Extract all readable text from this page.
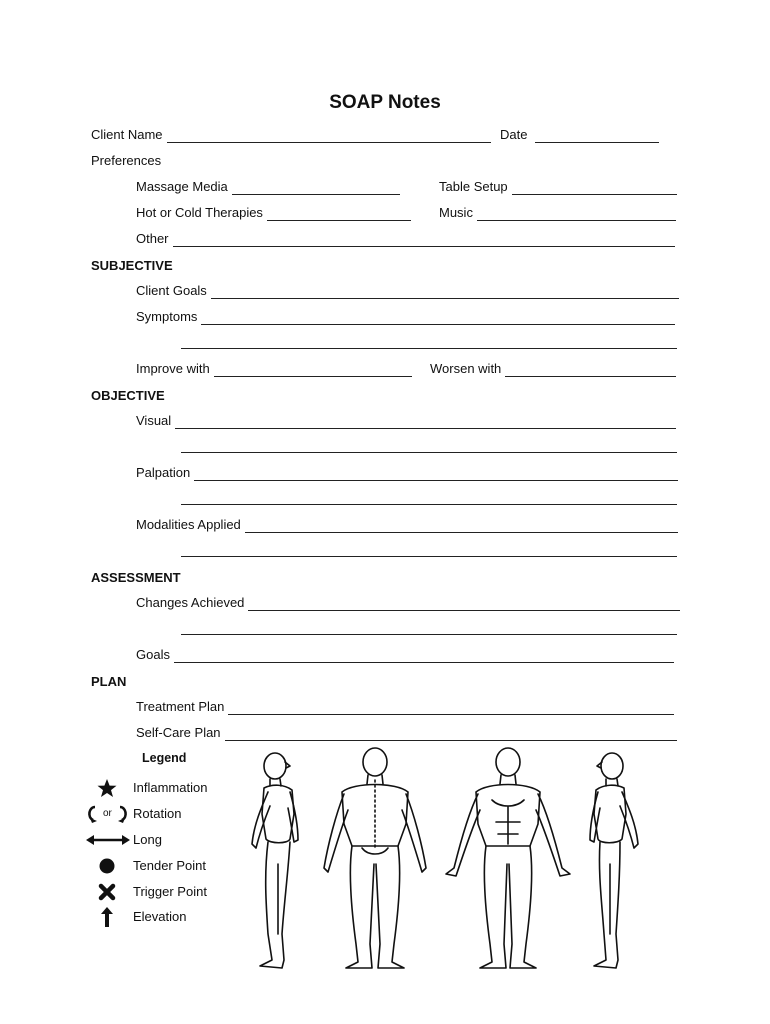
SOAP Notes
Client Name	Date
Preferences
Massage Media	Table Setup
Hot or Cold Therapies	Music
Other
SUBJECTIVE
Client Goals
Symptoms
Improve with	Worsen with
OBJECTIVE
Visual
Palpation
Modalities Applied
ASSESSMENT
Changes Achieved
Goals
PLAN
Treatment Plan
Self-Care Plan
Legend
Inflammation
or Rotation
Long
Tender Point
Trigger Point
Elevation
